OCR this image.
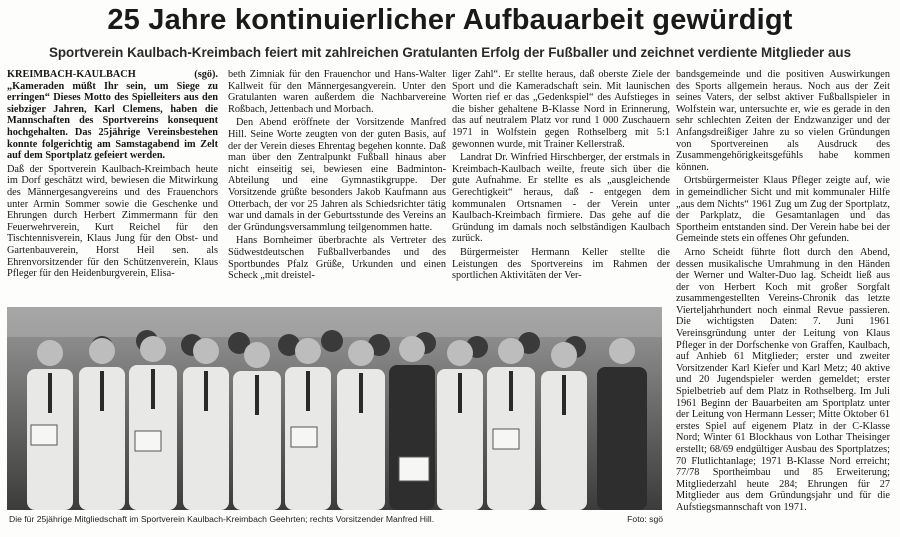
25 Jahre kontinuierlicher Aufbauarbeit gewürdigt
Sportverein Kaulbach-Kreimbach feiert mit zahlreichen Gratulanten Erfolg der Fußballer und zeichnet verdiente Mitglieder aus

KREIMBACH-KAULBACH (sgö). „Kameraden müßt Ihr sein, um Siege zu erringen“ Dieses Motto des Spielleiters aus den siebziger Jahren, Karl Clemens, haben die Mannschaften des Sportvereins konsequent hochgehalten. Das 25jährige Vereinsbestehen konnte folgerichtig am Samstagabend im Zelt auf dem Sportplatz gefeiert werden.

Daß der Sportverein Kaulbach-Kreimbach heute im Dorf geschätzt wird, bewiesen die Mitwirkung des Männergesangvereins und des Frauenchors unter Armin Sommer sowie die Geschenke und Ehrungen durch Herbert Zimmermann für den Feuerwehrverein, Kurt Reichel für den Tischtennisverein, Klaus Jung für den Obst- und Gartenbauverein, Horst Heil sen. als Ehrenvorsitzender für den Schützenverein, Klaus Pfleger für den Heidenburgverein, Elisa-

beth Zimniak für den Frauenchor und Hans-Walter Kallweit für den Männergesangverein. Unter den Gratulanten waren außerdem die Nachbarvereine Roßbach, Jettenbach und Morbach.

Den Abend eröffnete der Vorsitzende Manfred Hill. Seine Worte zeugten von der guten Basis, auf der der Verein dieses Ehrentag begehen konnte. Daß man über den Zentralpunkt Fußball hinaus aber nicht einseitig sei, bewiesen eine Badminton-Abteilung und eine Gymnastikgruppe. Der Vorsitzende grüßte besonders Jakob Kaufmann aus Otterbach, der vor 25 Jahren als Schiedsrichter tätig war und damals in der Geburtsstunde des Vereins an der Gründungsversammlung teilgenommen hatte.

Hans Bornheimer überbrachte als Vertreter des Südwestdeutschen Fußballverbandes und des Sportbundes Pfalz Grüße, Urkunden und einen Scheck „mit dreistel-

liger Zahl“. Er stellte heraus, daß oberste Ziele der Sport und die Kameradschaft sein. Mit launischen Worten rief er das „Gedenkspiel“ des Aufstieges in die bisher gehaltene B-Klasse Nord in Erinnerung, das auf neutralem Platz vor rund 1 000 Zuschauern 1971 in Wolfstein gegen Rothselberg mit 5:1 gewonnen wurde, mit Trainer Kellerstraß.

Landrat Dr. Winfried Hirschberger, der erstmals in Kreimbach-Kaulbach weilte, freute sich über die gute Aufnahme. Er stellte es als „ausgleichende Gerechtigkeit“ heraus, daß - entgegen dem kommunalen Ortsnamen - der Verein unter Kaulbach-Kreimbach firmiere. Das gehe auf die Gründung im damals noch selbständigen Kaulbach zurück.

Bürgermeister Hermann Keller stellte die Leistungen des Sportvereins im Rahmen der sportlichen Aktivitäten der Ver-

bandsgemeinde und die positiven Auswirkungen des Sports allgemein heraus. Noch aus der Zeit seines Vaters, der selbst aktiver Fußballspieler in Wolfstein war, untersuchte er, wie es gerade in den sehr schlechten Zeiten der Endzwanziger und der Anfangsdreißiger Jahre zu so vielen Gründungen von Sportvereinen als Ausdruck des Zusammengehörigkeitsgefühls habe kommen können.

Ortsbürgermeister Klaus Pfleger zeigte auf, wie in gemeindlicher Sicht und mit kommunaler Hilfe „aus dem Nichts“ 1961 Zug um Zug der Sportplatz, der Parkplatz, die Gesamtanlagen und das Sportheim entstanden sind. Der Verein habe bei der Gemeinde stets ein offenes Ohr gefunden.

Arno Scheidt führte flott durch den Abend, dessen musikalische Umrahmung in den Händen der Werner und Walter-Duo lag. Scheidt ließ aus der von Herbert Koch mit großer Sorgfalt zusammengestellten Vereins-Chronik das letzte Vierteljahrhundert noch einmal Revue passieren. Die wichtigsten Daten: 7. Juni 1961 Vereinsgründung unter der Leitung von Klaus Pfleger in der Dorfschenke von Graffen, Kaulbach, auf Anhieb 61 Mitglieder; erster und zweiter Vorsitzender Karl Kiefer und Karl Metz; 40 aktive und 20 Jugendspieler werden gemeldet; erster Spielbetrieb auf dem Platz in Rothselberg. Im Juli 1961 Beginn der Bauarbeiten am Sportplatz unter der Leitung von Hermann Lesser; Mitte Oktober 61 erstes Spiel auf eigenem Platz in der C-Klasse Nord; Winter 61 Blockhaus von Lothar Theisinger erstellt; 68/69 endgültiger Ausbau des Sportplatzes; 70 Flutlichtanlage; 1971 B-Klasse Nord erreicht; 77/78 Sportheimbau und 85 Erweiterung; Mitgliederzahl heute 284; Ehrungen für 27 Mitglieder aus dem Gründungsjahr und für die Aufstiegsmannschaft von 1971.

Die für 25jährige Mitgliedschaft im Sportverein Kaulbach-Kreimbach Geehrten; rechts Vorsitzender Manfred Hill.	Foto: sgö
